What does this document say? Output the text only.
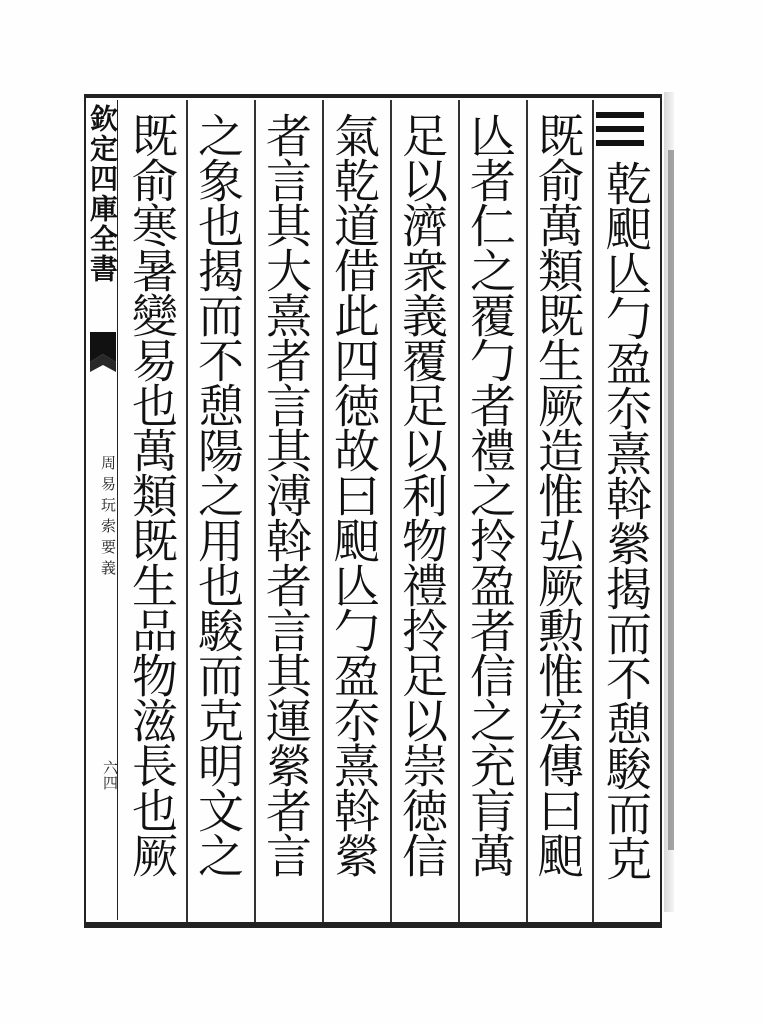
欽定四庫全書
周易玩索要義
六四
乾䫻亾勹盈夵熹斡縈揭而不憩駿而克
既俞萬類既生厥造惟弘厥勲惟宏傳曰䫻
亾者仁之覆勹者禮之拎盈者信之充肓萬
足以濟衆義覆足以利物禮拎足以崇徳信
氣乾道借此四徳故曰䫻亾勹盈夵熹斡縈
者言其大熹者言其溥斡者言其運縈者言
之象也揭而不憩陽之用也駿而克明文之
既俞寒暑變易也萬類既生品物滋長也厥
